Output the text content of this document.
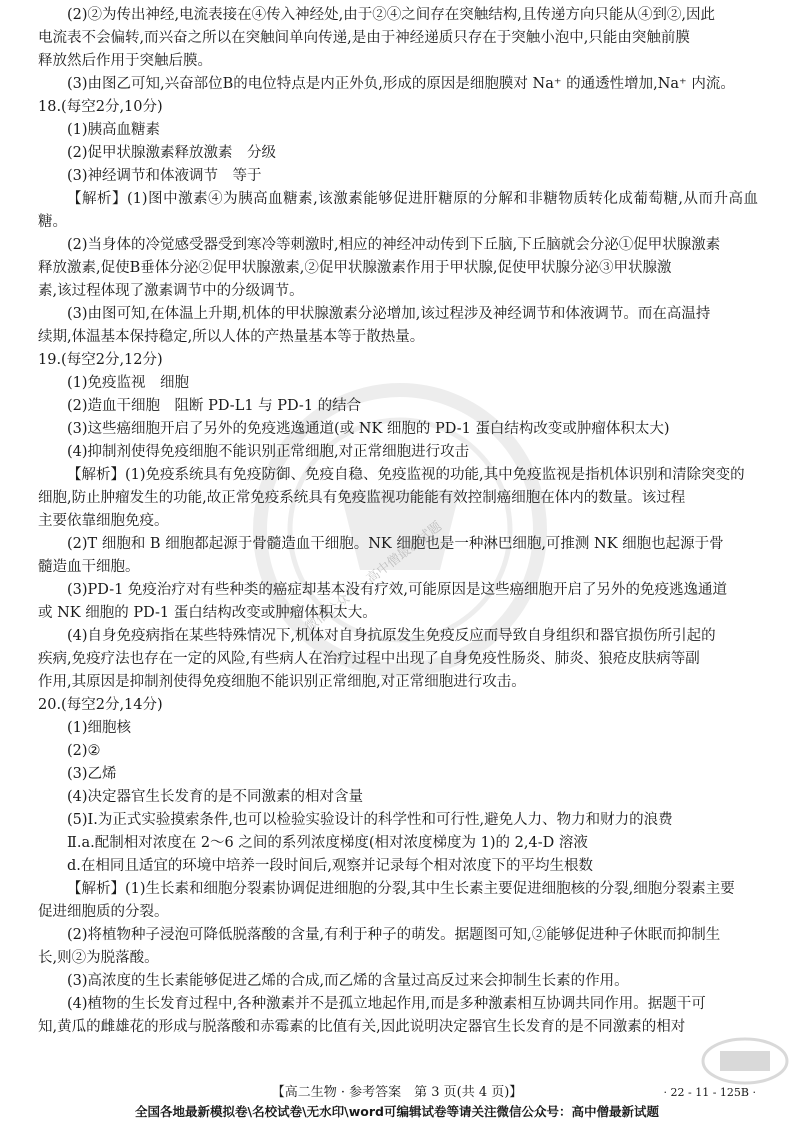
微信公众号：高中僧最新试题

(2)②为传出神经,电流表接在④传入神经处,由于②④之间存在突触结构,且传递方向只能从④到②,因此

电流表不会偏转,而兴奋之所以在突触间单向传递,是由于神经递质只存在于突触小泡中,只能由突触前膜

释放然后作用于突触后膜。

(3)由图乙可知,兴奋部位B的电位特点是内正外负,形成的原因是细胞膜对 Na⁺ 的通透性增加,Na⁺ 内流。

18.(每空2分,10分)

(1)胰高血糖素

(2)促甲状腺激素释放激素　分级

(3)神经调节和体液调节　等于

【解析】(1)图中激素④为胰高血糖素,该激素能够促进肝糖原的分解和非糖物质转化成葡萄糖,从而升高血糖。

(2)当身体的冷觉感受器受到寒冷等刺激时,相应的神经冲动传到下丘脑,下丘脑就会分泌①促甲状腺激素

释放激素,促使B垂体分泌②促甲状腺激素,②促甲状腺激素作用于甲状腺,促使甲状腺分泌③甲状腺激

素,该过程体现了激素调节中的分级调节。

(3)由图可知,在体温上升期,机体的甲状腺激素分泌增加,该过程涉及神经调节和体液调节。而在高温持

续期,体温基本保持稳定,所以人体的产热量基本等于散热量。

19.(每空2分,12分)

(1)免疫监视　细胞

(2)造血干细胞　阻断 PD-L1 与 PD-1 的结合

(3)这些癌细胞开启了另外的免疫逃逸通道(或 NK 细胞的 PD-1 蛋白结构改变或肿瘤体积太大)

(4)抑制剂使得免疫细胞不能识别正常细胞,对正常细胞进行攻击

【解析】(1)免疫系统具有免疫防御、免疫自稳、免疫监视的功能,其中免疫监视是指机体识别和清除突变的

细胞,防止肿瘤发生的功能,故正常免疫系统具有免疫监视功能能有效控制癌细胞在体内的数量。该过程

主要依靠细胞免疫。

(2)T 细胞和 B 细胞都起源于骨髓造血干细胞。NK 细胞也是一种淋巴细胞,可推测 NK 细胞也起源于骨

髓造血干细胞。

(3)PD-1 免疫治疗对有些种类的癌症却基本没有疗效,可能原因是这些癌细胞开启了另外的免疫逃逸通道

或 NK 细胞的 PD-1 蛋白结构改变或肿瘤体积太大。

(4)自身免疫病指在某些特殊情况下,机体对自身抗原发生免疫反应而导致自身组织和器官损伤所引起的

疾病,免疫疗法也存在一定的风险,有些病人在治疗过程中出现了自身免疫性肠炎、肺炎、狼疮皮肤病等副

作用,其原因是抑制剂使得免疫细胞不能识别正常细胞,对正常细胞进行攻击。

20.(每空2分,14分)

(1)细胞核

(2)②

(3)乙烯

(4)决定器官生长发育的是不同激素的相对含量

(5)Ⅰ.为正式实验摸索条件,也可以检验实验设计的科学性和可行性,避免人力、物力和财力的浪费

Ⅱ.a.配制相对浓度在 2～6 之间的系列浓度梯度(相对浓度梯度为 1)的 2,4-D 溶液

d.在相同且适宜的环境中培养一段时间后,观察并记录每个相对浓度下的平均生根数

【解析】(1)生长素和细胞分裂素协调促进细胞的分裂,其中生长素主要促进细胞核的分裂,细胞分裂素主要

促进细胞质的分裂。

(2)将植物种子浸泡可降低脱落酸的含量,有利于种子的萌发。据题图可知,②能够促进种子休眠而抑制生

长,则②为脱落酸。

(3)高浓度的生长素能够促进乙烯的合成,而乙烯的含量过高反过来会抑制生长素的作用。

(4)植物的生长发育过程中,各种激素并不是孤立地起作用,而是多种激素相互协调共同作用。据题干可

知,黄瓜的雌雄花的形成与脱落酸和赤霉素的比值有关,因此说明决定器官生长发育的是不同激素的相对

【高二生物 · 参考答案　第 3 页(共 4 页)】	· 22 - 11 - 125B ·
全国各地最新模拟卷\名校试卷\无水印\word可编辑试卷等请关注微信公众号：高中僧最新试题
